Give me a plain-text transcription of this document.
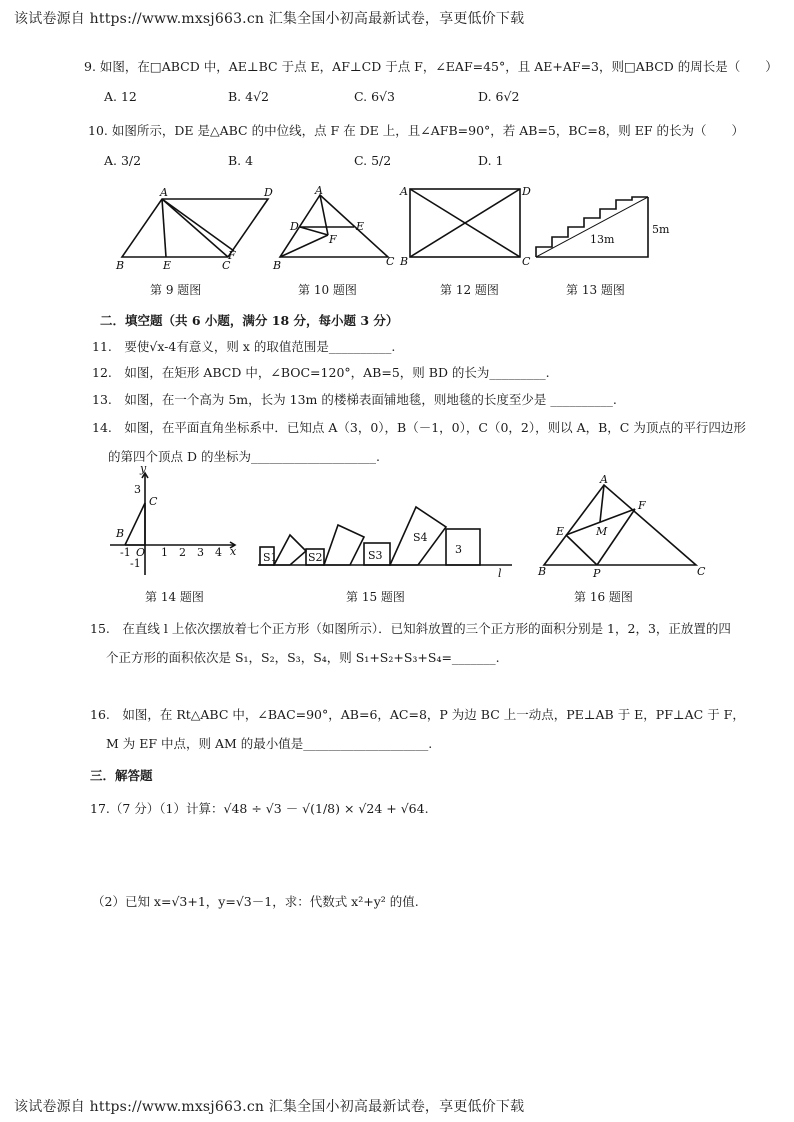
该试卷源自 https://www.mxsj663.cn 汇集全国小初高最新试卷，享更低价下载
9. 如图，在□ABCD 中，AE⊥BC 于点 E，AF⊥CD 于点 F，∠EAF=45°，且 AE+AF=3，则□ABCD 的周长是（　　）
A. 12	B. 4√2	C. 6√3	D. 6√2
10. 如图所示，DE 是△ABC 的中位线，点 F 在 DE 上，且∠AFB=90°，若 AB=5，BC=8，则 EF 的长为（　　）
A. 3/2	B. 4	C. 5/2	D. 1
A	D
B	E	C
F
A
D	E
F
B	C
A	D
B	C
13m
5m
第 9 题图	第 10 题图	第 12 题图	第 13 题图
二．填空题（共 6 小题，满分 18 分，每小题 3 分）
11.　要使√x-4有意义，则 x 的取值范围是__________.
12.　如图，在矩形 ABCD 中，∠BOC=120°，AB=5，则 BD 的长为_________.
13.　如图，在一个高为 5m，长为 13m 的楼梯表面铺地毯，则地毯的长度至少是 __________.
14.　如图，在平面直角坐标系中．已知点 A（3，0），B（－1，0），C（0，2），则以 A，B，C 为顶点的平行四边形
的第四个顶点 D 的坐标为____________________.
y
x
3
C
B
-1 O 1 2 3 4
-1	S1	S2	S3
S4
3
l
A
F
E	M
B	P	C
第 14 题图	第 15 题图	第 16 题图
15.　在直线 l 上依次摆放着七个正方形（如图所示）．已知斜放置的三个正方形的面积分别是 1，2，3，正放置的四
个正方形的面积依次是 S₁，S₂，S₃，S₄，则 S₁+S₂+S₃+S₄=_______.
16.　如图，在 Rt△ABC 中，∠BAC=90°，AB=6，AC=8，P 为边 BC 上一动点，PE⊥AB 于 E，PF⊥AC 于 F，
M 为 EF 中点，则 AM 的最小值是____________________.
三．解答题
17.（7 分）（1）计算：√48 ÷ √3 － √(1/8) × √24 + √64.
（2）已知 x=√3+1，y=√3－1，求：代数式 x²+y² 的值.
该试卷源自 https://www.mxsj663.cn 汇集全国小初高最新试卷，享更低价下载
